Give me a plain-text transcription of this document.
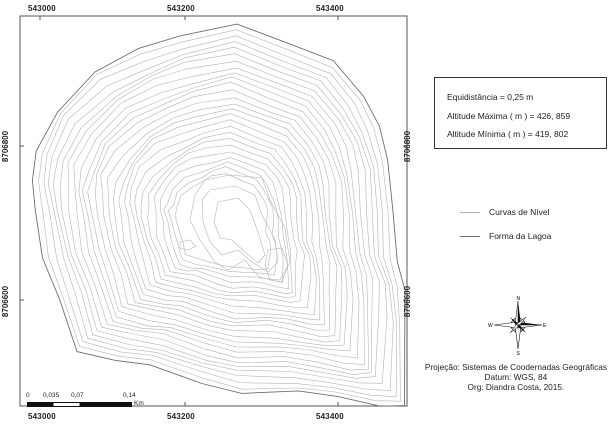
543000	543200	543400
543000	543200	543400
8706800
8706600
8706800
8706600
Equidistância = 0,25 m
Altitude Máxima ( m ) = 426, 859
Altitude Mínima ( m ) = 419, 802
Curvas de Nível
Forma da Lagoa
N
S
E
W
Projeção: Sistemas de Coodernadas Geográficas
Datum: WGS, 84
Org: Diandra Costa, 2015.
0 0,035 0,07	0,14
Km
